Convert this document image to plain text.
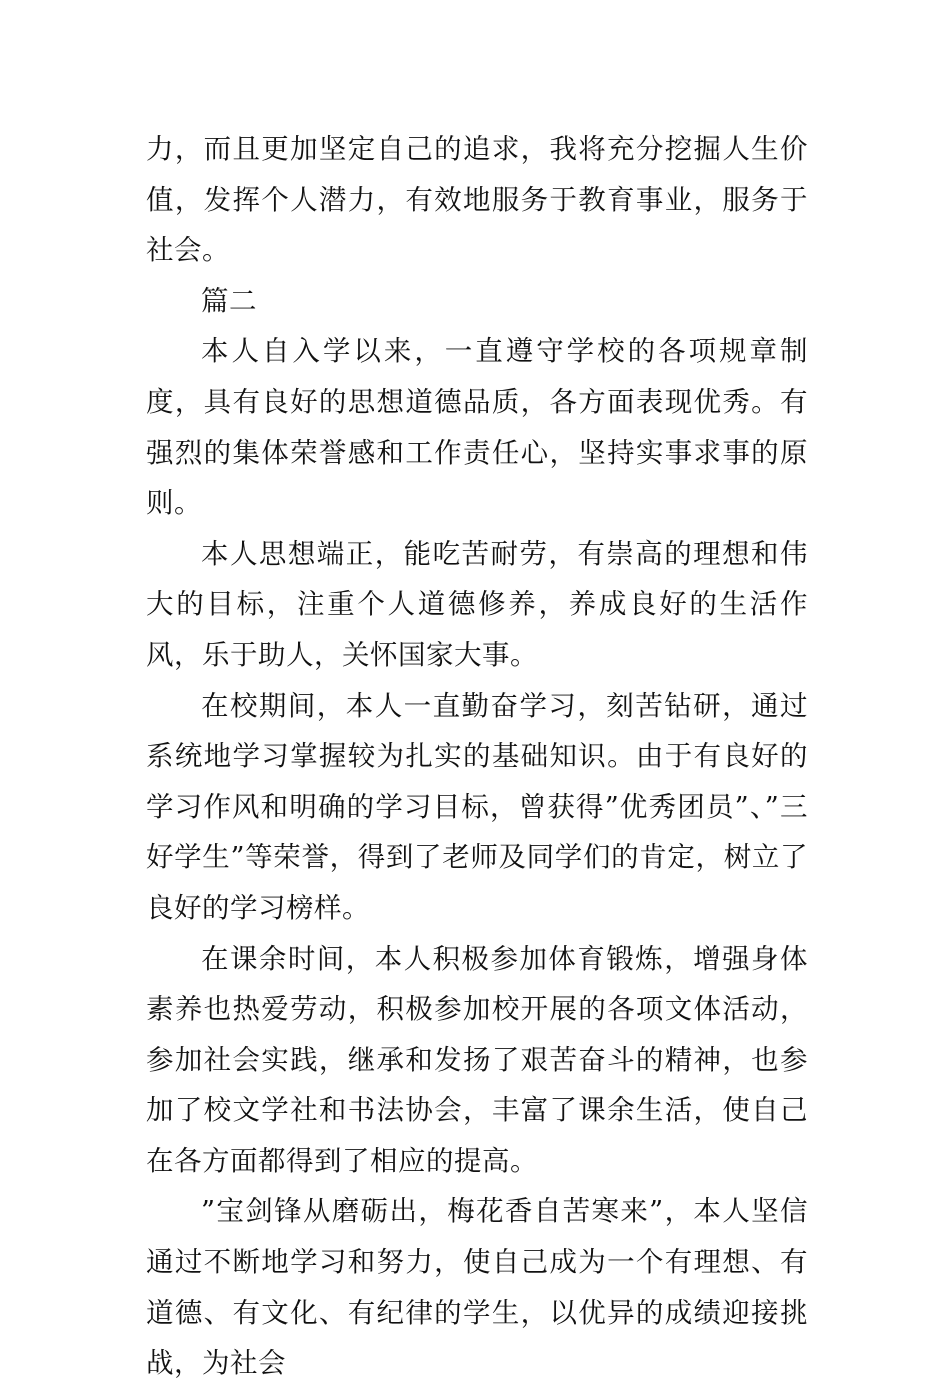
力，而且更加坚定自己的追求，我将充分挖掘人生价值，发挥个人潜力，有效地服务于教育事业，服务于社会。

篇二

本人自入学以来，一直遵守学校的各项规章制度，具有良好的思想道德品质，各方面表现优秀。有强烈的集体荣誉感和工作责任心，坚持实事求事的原则。

本人思想端正，能吃苦耐劳，有崇高的理想和伟大的目标，注重个人道德修养，养成良好的生活作风，乐于助人，关怀国家大事。

在校期间，本人一直勤奋学习，刻苦钻研，通过系统地学习掌握较为扎实的基础知识。由于有良好的学习作风和明确的学习目标，曾获得”优秀团员”、”三好学生”等荣誉，得到了老师及同学们的肯定，树立了良好的学习榜样。

在课余时间，本人积极参加体育锻炼，增强身体素养也热爱劳动，积极参加校开展的各项文体活动，参加社会实践，继承和发扬了艰苦奋斗的精神，也参加了校文学社和书法协会，丰富了课余生活，使自己在各方面都得到了相应的提高。

”宝剑锋从磨砺出，梅花香自苦寒来”，本人坚信通过不断地学习和努力，使自己成为一个有理想、有道德、有文化、有纪律的学生，以优异的成绩迎接挑战，为社会
